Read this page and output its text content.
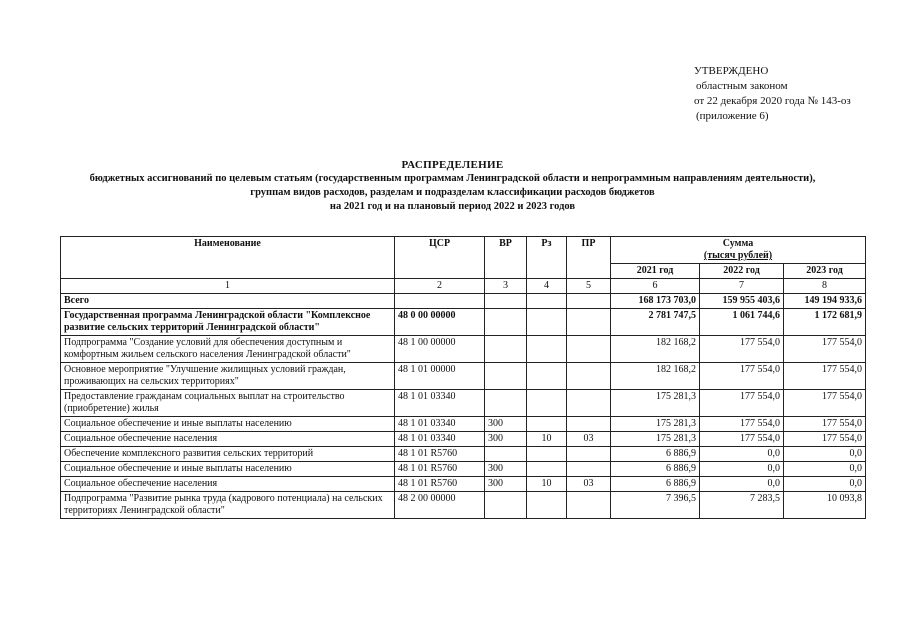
УТВЕРЖДЕНО
областным законом
от 22 декабря 2020 года № 143-оз
(приложение 6)
РАСПРЕДЕЛЕНИЕ
бюджетных ассигнований по целевым статьям (государственным программам Ленинградской области и непрограммным направлениям деятельности),
группам видов расходов, разделам и подразделам классификации расходов бюджетов
на 2021 год и на плановый период 2022 и 2023 годов
Наименование	ЦСР	ВР	Рз	ПР	Сумма
(тысяч рублей)		

					2021 год	2022 год	2023 год
1	2	3	4	5	6	7	8
Всего					168 173 703,0	159 955 403,6	149 194 933,6
Государственная программа Ленинградской области "Комплексное развитие сельских территорий Ленинградской области"	48 0 00 00000				2 781 747,5	1 061 744,6	1 172 681,9
Подпрограмма "Создание условий для обеспечения доступным и комфортным жильем сельского населения Ленинградской области"	48 1 00 00000				182 168,2	177 554,0	177 554,0
Основное мероприятие "Улучшение жилищных условий граждан, проживающих на сельских территориях"	48 1 01 00000				182 168,2	177 554,0	177 554,0
Предоставление гражданам социальных выплат на строительство (приобретение) жилья	48 1 01 03340				175 281,3	177 554,0	177 554,0
Социальное обеспечение и иные выплаты населению	48 1 01 03340	300			175 281,3	177 554,0	177 554,0
Социальное обеспечение населения	48 1 01 03340	300	10	03	175 281,3	177 554,0	177 554,0
Обеспечение комплексного развития сельских территорий	48 1 01 R5760				6 886,9	0,0	0,0
Социальное обеспечение и иные выплаты населению	48 1 01 R5760	300			6 886,9	0,0	0,0
Социальное обеспечение населения	48 1 01 R5760	300	10	03	6 886,9	0,0	0,0
Подпрограмма "Развитие рынка труда (кадрового потенциала) на сельских территориях Ленинградской области"	48 2 00 00000				7 396,5	7 283,5	10 093,8
